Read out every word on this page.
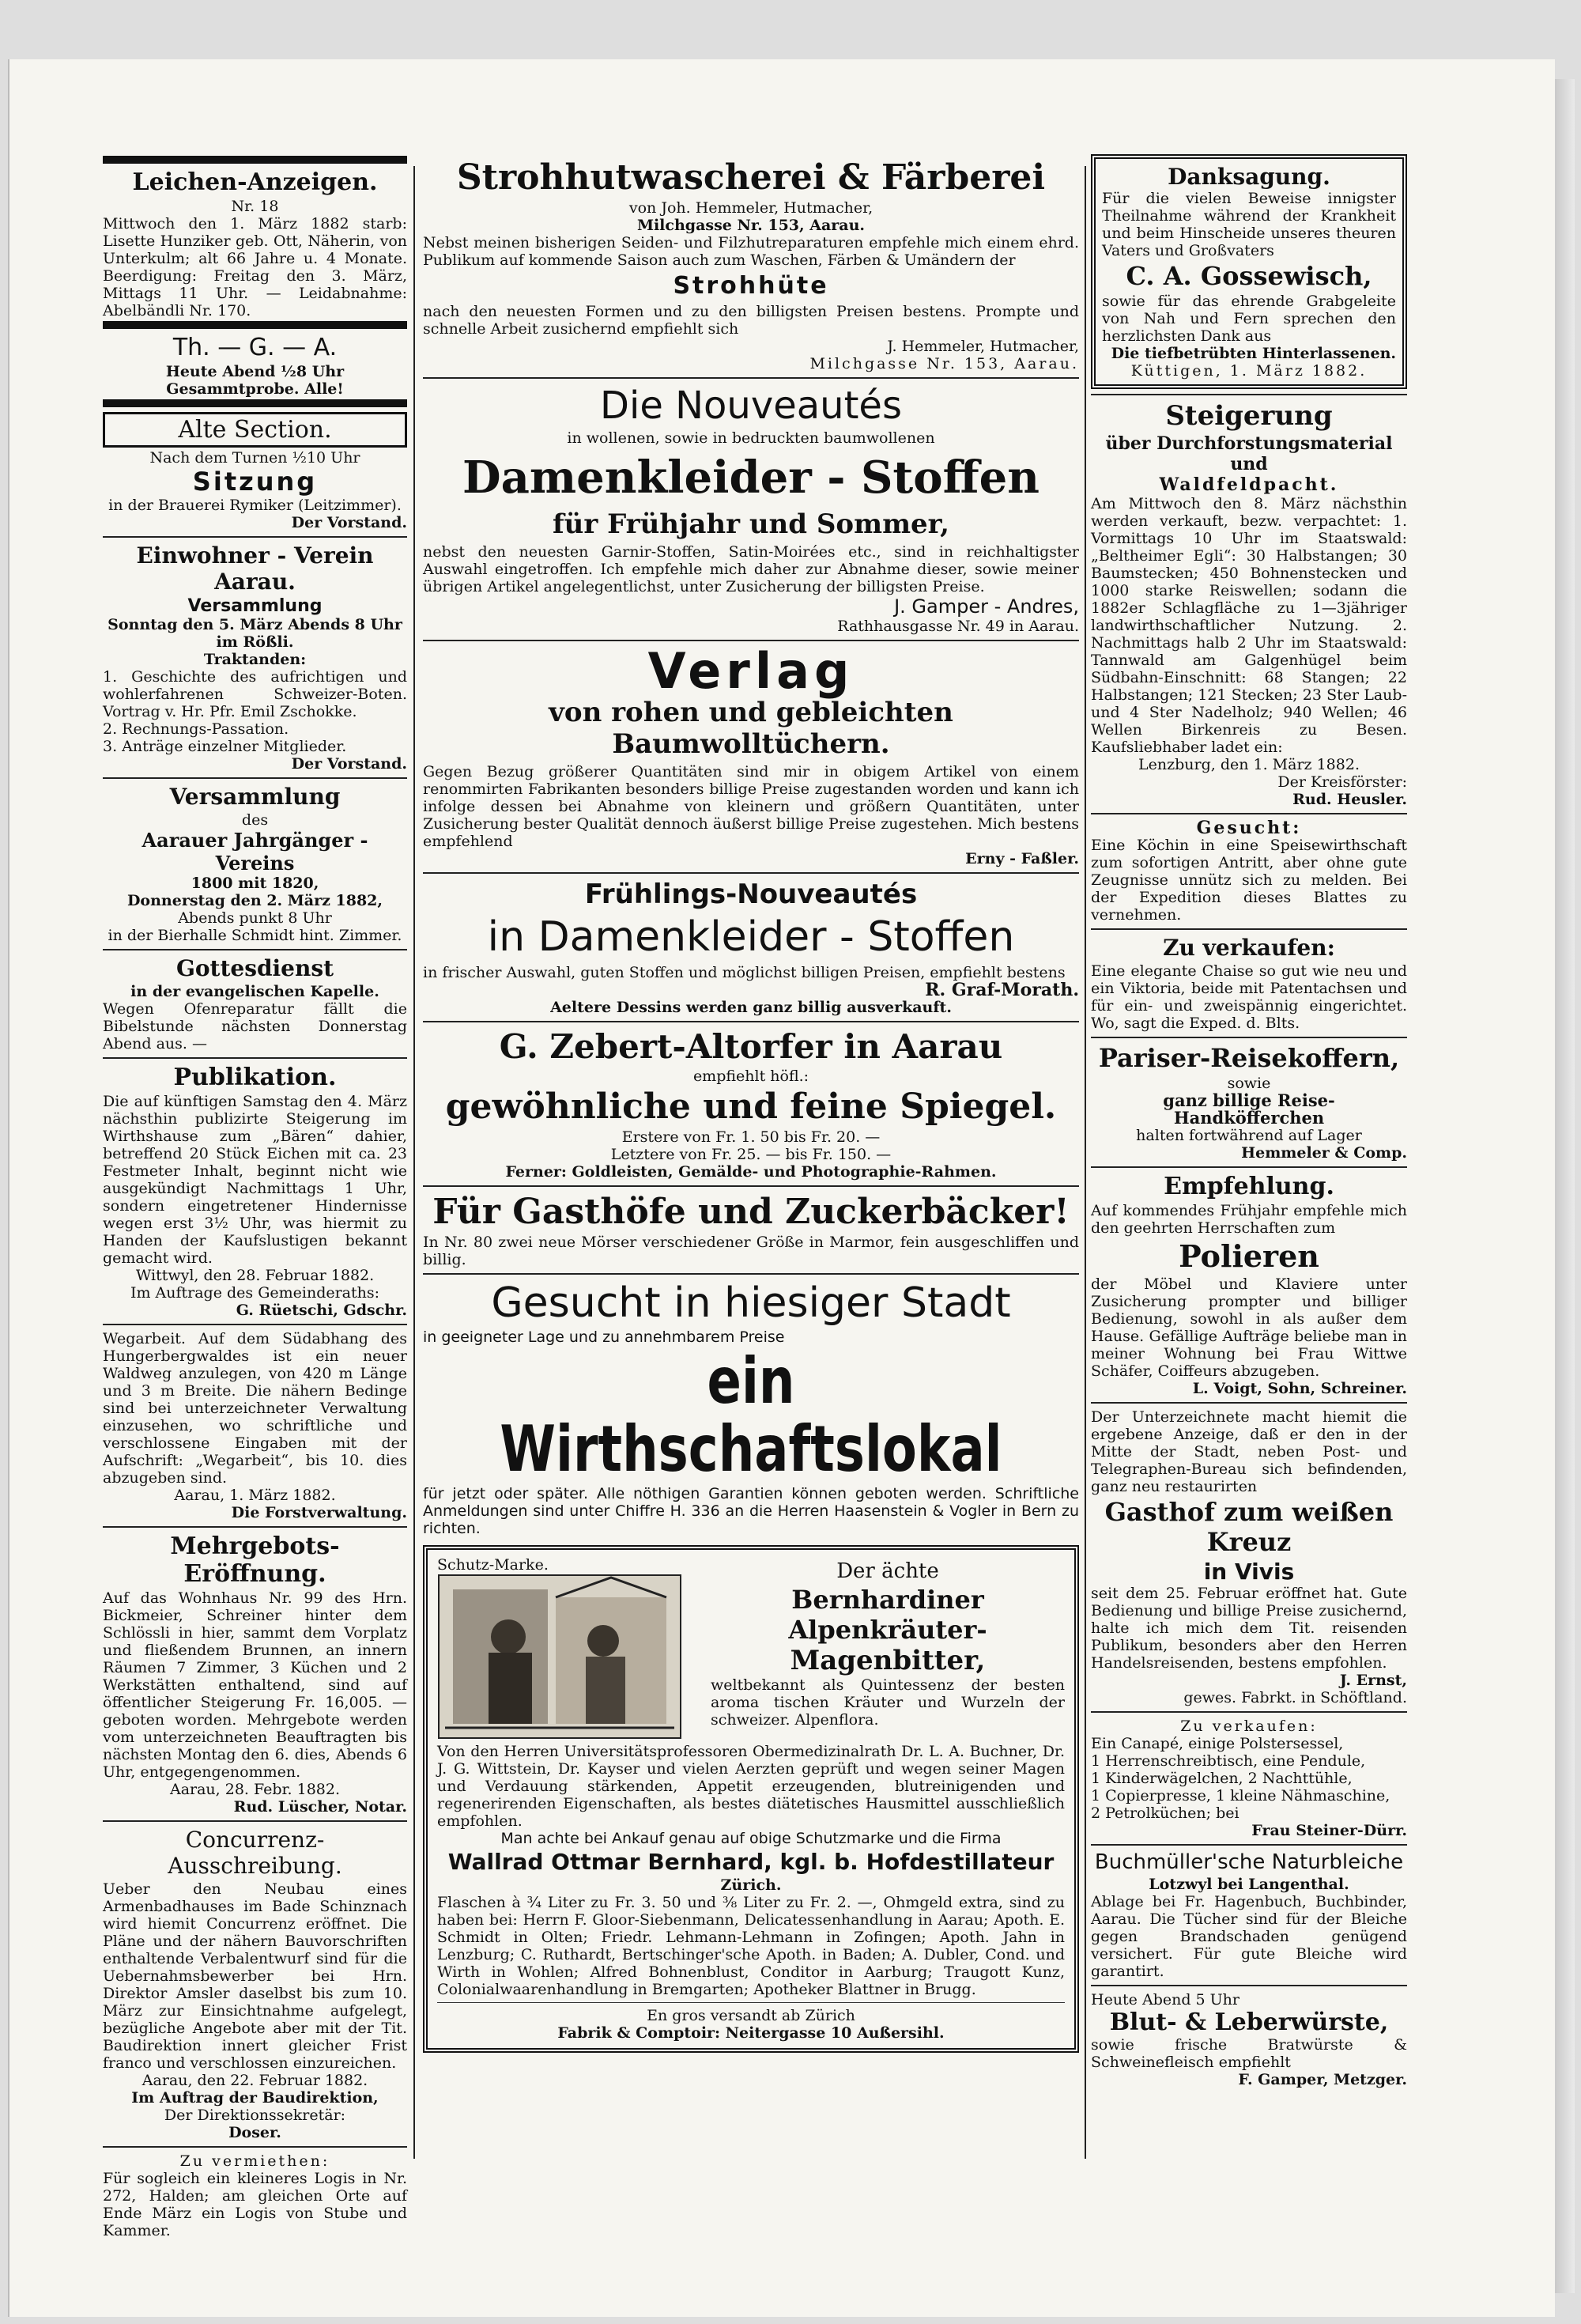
Leichen-Anzeigen.

Nr. 18

Mittwoch den 1. März 1882 starb: Lisette Hunziker geb. Ott, Näherin, von Unterkulm; alt 66 Jahre u. 4 Monate. Beerdigung: Freitag den 3. März, Mittags 11 Uhr. — Leidabnahme: Abelbändli Nr. 170.

Th. — G. — A.

Heute Abend ½8 Uhr Gesammtprobe. Alle!

Alte Section.

Nach dem Turnen ½10 Uhr

Sitzung

in der Brauerei Rymiker (Leitzimmer).

Der Vorstand.

Einwohner - Verein Aarau.
Versammlung

Sonntag den 5. März Abends 8 Uhr im Rößli.

Traktanden:

1. Geschichte des aufrichtigen und wohlerfahrenen Schweizer-Boten. Vortrag v. Hr. Pfr. Emil Zschokke.

2. Rechnungs-Passation.

3. Anträge einzelner Mitglieder.

Der Vorstand.

Versammlung

des

Aarauer Jahrgänger - Vereins

1800 mit 1820,

Donnerstag den 2. März 1882,

Abends punkt 8 Uhr

in der Bierhalle Schmidt hint. Zimmer.

Gottesdienst

in der evangelischen Kapelle.

Wegen Ofenreparatur fällt die Bibelstunde nächsten Donnerstag Abend aus. —

Publikation.

Die auf künftigen Samstag den 4. März nächsthin publizirte Steigerung im Wirthshause zum „Bären“ dahier, betreffend 20 Stück Eichen mit ca. 23 Festmeter Inhalt, beginnt nicht wie ausgekündigt Nachmittags 1 Uhr, sondern eingetretener Hindernisse wegen erst 3½ Uhr, was hiermit zu Handen der Kaufslustigen bekannt gemacht wird.

Wittwyl, den 28. Februar 1882.

Im Auftrage des Gemeinderaths:

G. Rüetschi, Gdschr.

Wegarbeit. Auf dem Südabhang des Hungerbergwaldes ist ein neuer Waldweg anzulegen, von 420 m Länge und 3 m Breite. Die nähern Bedinge sind bei unterzeichneter Verwaltung einzusehen, wo schriftliche und verschlossene Eingaben mit der Aufschrift: „Wegarbeit“, bis 10. dies abzugeben sind.

Aarau, 1. März 1882.

Die Forstverwaltung.

Mehrgebots-Eröffnung.

Auf das Wohnhaus Nr. 99 des Hrn. Bickmeier, Schreiner hinter dem Schlössli in hier, sammt dem Vorplatz und fließendem Brunnen, an innern Räumen 7 Zimmer, 3 Küchen und 2 Werkstätten enthaltend, sind auf öffentlicher Steigerung Fr. 16,005. — geboten worden. Mehrgebote werden vom unterzeichneten Beauftragten bis nächsten Montag den 6. dies, Abends 6 Uhr, entgegengenommen.

Aarau, 28. Febr. 1882.

Rud. Lüscher, Notar.

Concurrenz-Ausschreibung.

Ueber den Neubau eines Armenbadhauses im Bade Schinznach wird hiemit Concurrenz eröffnet. Die Pläne und der nähern Bauvorschriften enthaltende Verbalentwurf sind für die Uebernahmsbewerber bei Hrn. Direktor Amsler daselbst bis zum 10. März zur Einsichtnahme aufgelegt, bezügliche Angebote aber mit der Tit. Baudirektion innert gleicher Frist franco und verschlossen einzureichen.

Aarau, den 22. Februar 1882.

Im Auftrag der Baudirektion,

Der Direktionssekretär:

Doser.

Zu vermiethen:

Für sogleich ein kleineres Logis in Nr. 272, Halden; am gleichen Orte auf Ende März ein Logis von Stube und Kammer.

Strohhutwascherei & Färberei

von Joh. Hemmeler, Hutmacher,

Milchgasse Nr. 153, Aarau.

Nebst meinen bisherigen Seiden- und Filzhutreparaturen empfehle mich einem ehrd. Publikum auf kommende Saison auch zum Waschen, Färben & Umändern der

Strohhüte

nach den neuesten Formen und zu den billigsten Preisen bestens. Prompte und schnelle Arbeit zusichernd empfiehlt sich

J. Hemmeler, Hutmacher,

Milchgasse Nr. 153, Aarau.

Die Nouveautés

in wollenen, sowie in bedruckten baumwollenen

Damenkleider - Stoffen
für Frühjahr und Sommer,

nebst den neuesten Garnir-Stoffen, Satin-Moirées etc., sind in reichhaltigster Auswahl eingetroffen. Ich empfehle mich daher zur Abnahme dieser, sowie meiner übrigen Artikel angelegentlichst, unter Zusicherung der billigsten Preise.

J. Gamper - Andres,

Rathhausgasse Nr. 49 in Aarau.

Verlag
von rohen und gebleichten Baumwolltüchern.

Gegen Bezug größerer Quantitäten sind mir in obigem Artikel von einem renommirten Fabrikanten besonders billige Preise zugestanden worden und kann ich infolge dessen bei Abnahme von kleinern und größern Quantitäten, unter Zusicherung bester Qualität dennoch äußerst billige Preise zugestehen. Mich bestens empfehlend

Erny - Faßler.

Frühlings-Nouveautés
in Damenkleider - Stoffen

in frischer Auswahl, guten Stoffen und möglichst billigen Preisen, empfiehlt bestens

R. Graf-Morath.

Aeltere Dessins werden ganz billig ausverkauft.

G. Zebert-Altorfer in Aarau

empfiehlt höfl.:

gewöhnliche und feine Spiegel.

Erstere von Fr. 1. 50 bis Fr. 20. —

Letztere von Fr. 25. — bis Fr. 150. —

Ferner: Goldleisten, Gemälde- und Photographie-Rahmen.

Für Gasthöfe und Zuckerbäcker!

In Nr. 80 zwei neue Mörser verschiedener Größe in Marmor, fein ausgeschliffen und billig.

Gesucht in hiesiger Stadt

in geeigneter Lage und zu annehmbarem Preise

ein Wirthschaftslokal

für jetzt oder später. Alle nöthigen Garantien können geboten werden. Schriftliche Anmeldungen sind unter Chiffre H. 336 an die Herren Haasenstein & Vogler in Bern zu richten.

Schutz-Marke.	Der ächte
Bernhardiner
Alpenkräuter-
Magenbitter,

weltbekannt als Quintessenz der besten aroma tischen Kräuter und Wurzeln der schweizer. Alpenflora.

Von den Herren Universitätsprofessoren Obermedizinalrath Dr. L. A. Buchner, Dr. J. G. Wittstein, Dr. Kayser und vielen Aerzten geprüft und wegen seiner Magen und Verdauung stärkenden, Appetit erzeugenden, blutreinigenden und regenerirenden Eigenschaften, als bestes diätetisches Hausmittel ausschließlich empfohlen.

Man achte bei Ankauf genau auf obige Schutzmarke und die Firma

Wallrad Ottmar Bernhard, kgl. b. Hofdestillateur

Zürich.

Flaschen à ¾ Liter zu Fr. 3. 50 und ⅜ Liter zu Fr. 2. —, Ohmgeld extra, sind zu haben bei: Herrn F. Gloor-Siebenmann, Delicatessenhandlung in Aarau; Apoth. E. Schmidt in Olten; Friedr. Lehmann-Lehmann in Zofingen; Apoth. Jahn in Lenzburg; C. Ruthardt, Bertschinger'sche Apoth. in Baden; A. Dubler, Cond. und Wirth in Wohlen; Alfred Bohnenblust, Conditor in Aarburg; Traugott Kunz, Colonialwaarenhandlung in Bremgarten; Apotheker Blattner in Brugg.

En gros versandt ab Zürich

Fabrik & Comptoir: Neitergasse 10 Außersihl.

Danksagung.

Für die vielen Beweise innigster Theilnahme während der Krankheit und beim Hinscheide unseres theuren Vaters und Großvaters

C. A. Gossewisch,

sowie für das ehrende Grabgeleite von Nah und Fern sprechen den herzlichsten Dank aus

Die tiefbetrübten Hinterlassenen.

Küttigen, 1. März 1882.

Steigerung

über Durchforstungsmaterial und

Waldfeldpacht.

Am Mittwoch den 8. März nächsthin werden verkauft, bezw. verpachtet: 1. Vormittags 10 Uhr im Staatswald: „Beltheimer Egli“: 30 Halbstangen; 30 Baumstecken; 450 Bohnenstecken und 1000 starke Reiswellen; sodann die 1882er Schlagfläche zu 1—3jähriger landwirthschaftlicher Nutzung. 2. Nachmittags halb 2 Uhr im Staatswald: Tannwald am Galgenhügel beim Südbahn-Einschnitt: 68 Stangen; 22 Halbstangen; 121 Stecken; 23 Ster Laub- und 4 Ster Nadelholz; 940 Wellen; 46 Wellen Birkenreis zu Besen. Kaufsliebhaber ladet ein:

Lenzburg, den 1. März 1882.

Der Kreisförster:

Rud. Heusler.

Gesucht:

Eine Köchin in eine Speisewirthschaft zum sofortigen Antritt, aber ohne gute Zeugnisse unnütz sich zu melden. Bei der Expedition dieses Blattes zu vernehmen.

Zu verkaufen:

Eine elegante Chaise so gut wie neu und ein Viktoria, beide mit Patentachsen und für ein- und zweispännig eingerichtet. Wo, sagt die Exped. d. Blts.

Pariser-Reisekoffern,

sowie

ganz billige Reise-Handköfferchen

halten fortwährend auf Lager

Hemmeler & Comp.

Empfehlung.

Auf kommendes Frühjahr empfehle mich den geehrten Herrschaften zum

Polieren

der Möbel und Klaviere unter Zusicherung prompter und billiger Bedienung, sowohl in als außer dem Hause. Gefällige Aufträge beliebe man in meiner Wohnung bei Frau Wittwe Schäfer, Coiffeurs abzugeben.

L. Voigt, Sohn, Schreiner.

Der Unterzeichnete macht hiemit die ergebene Anzeige, daß er den in der Mitte der Stadt, neben Post- und Telegraphen-Bureau sich befindenden, ganz neu restaurirten

Gasthof zum weißen Kreuz
in Vivis

seit dem 25. Februar eröffnet hat. Gute Bedienung und billige Preise zusichernd, halte ich mich dem Tit. reisenden Publikum, besonders aber den Herren Handelsreisenden, bestens empfohlen.

J. Ernst,

gewes. Fabrkt. in Schöftland.

Zu verkaufen:

Ein Canapé, einige Polstersessel,

1 Herrenschreibtisch, eine Pendule,

1 Kinderwägelchen, 2 Nachttühle,

1 Copierpresse, 1 kleine Nähmaschine,

2 Petrolküchen; bei

Frau Steiner-Dürr.

Buchmüller'sche Naturbleiche

Lotzwyl bei Langenthal.

Ablage bei Fr. Hagenbuch, Buchbinder, Aarau. Die Tücher sind für der Bleiche gegen Brandschaden genügend versichert. Für gute Bleiche wird garantirt.

Heute Abend 5 Uhr

Blut- & Leberwürste,

sowie frische Bratwürste & Schweinefleisch empfiehlt

F. Gamper, Metzger.
